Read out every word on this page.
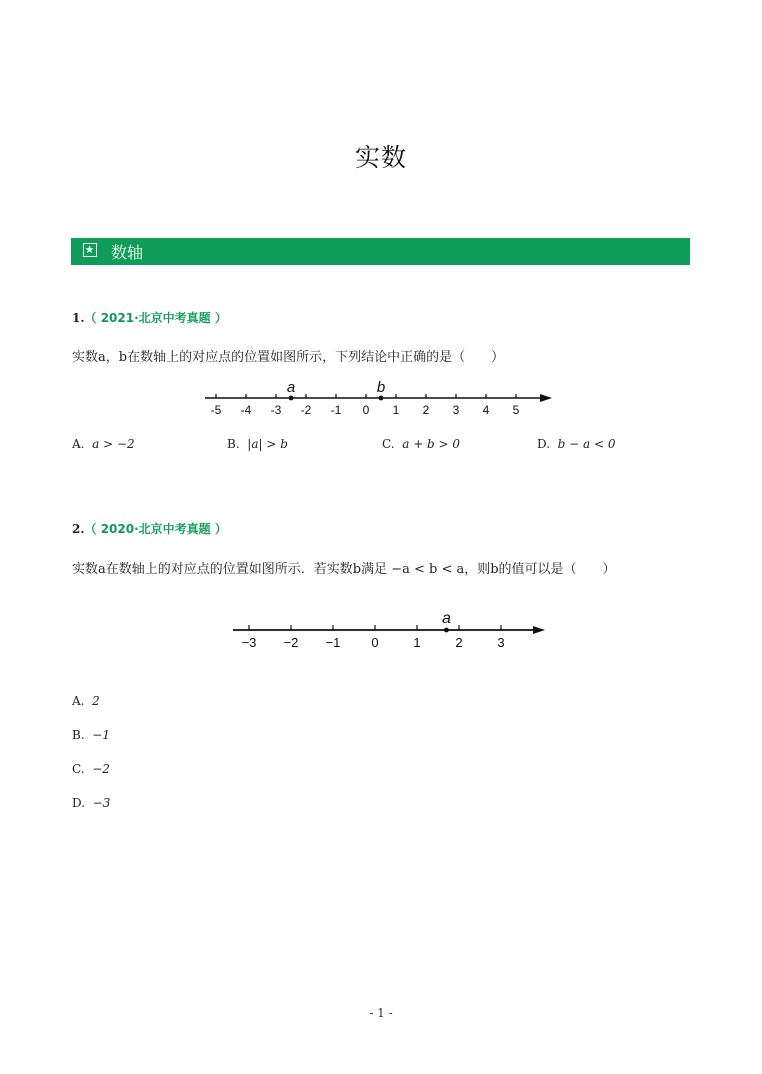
实数
数轴
1.（ 2021·北京中考真题 ）
实数a，b在数轴上的对应点的位置如图所示，下列结论中正确的是（　　）
-5 -4 -3 -2 -1 0 1 2 3 4 5
a	b
A. a > −2	B. |a| > b	C. a + b > 0	D. b − a < 0
2.（ 2020·北京中考真题 ）
实数a在数轴上的对应点的位置如图所示．若实数b满足 −a < b < a，则b的值可以是（　　）
−3 −2 −1 0	1	2	3
a
A. 2
B. −1
C. −2
D. −3
- 1 -
